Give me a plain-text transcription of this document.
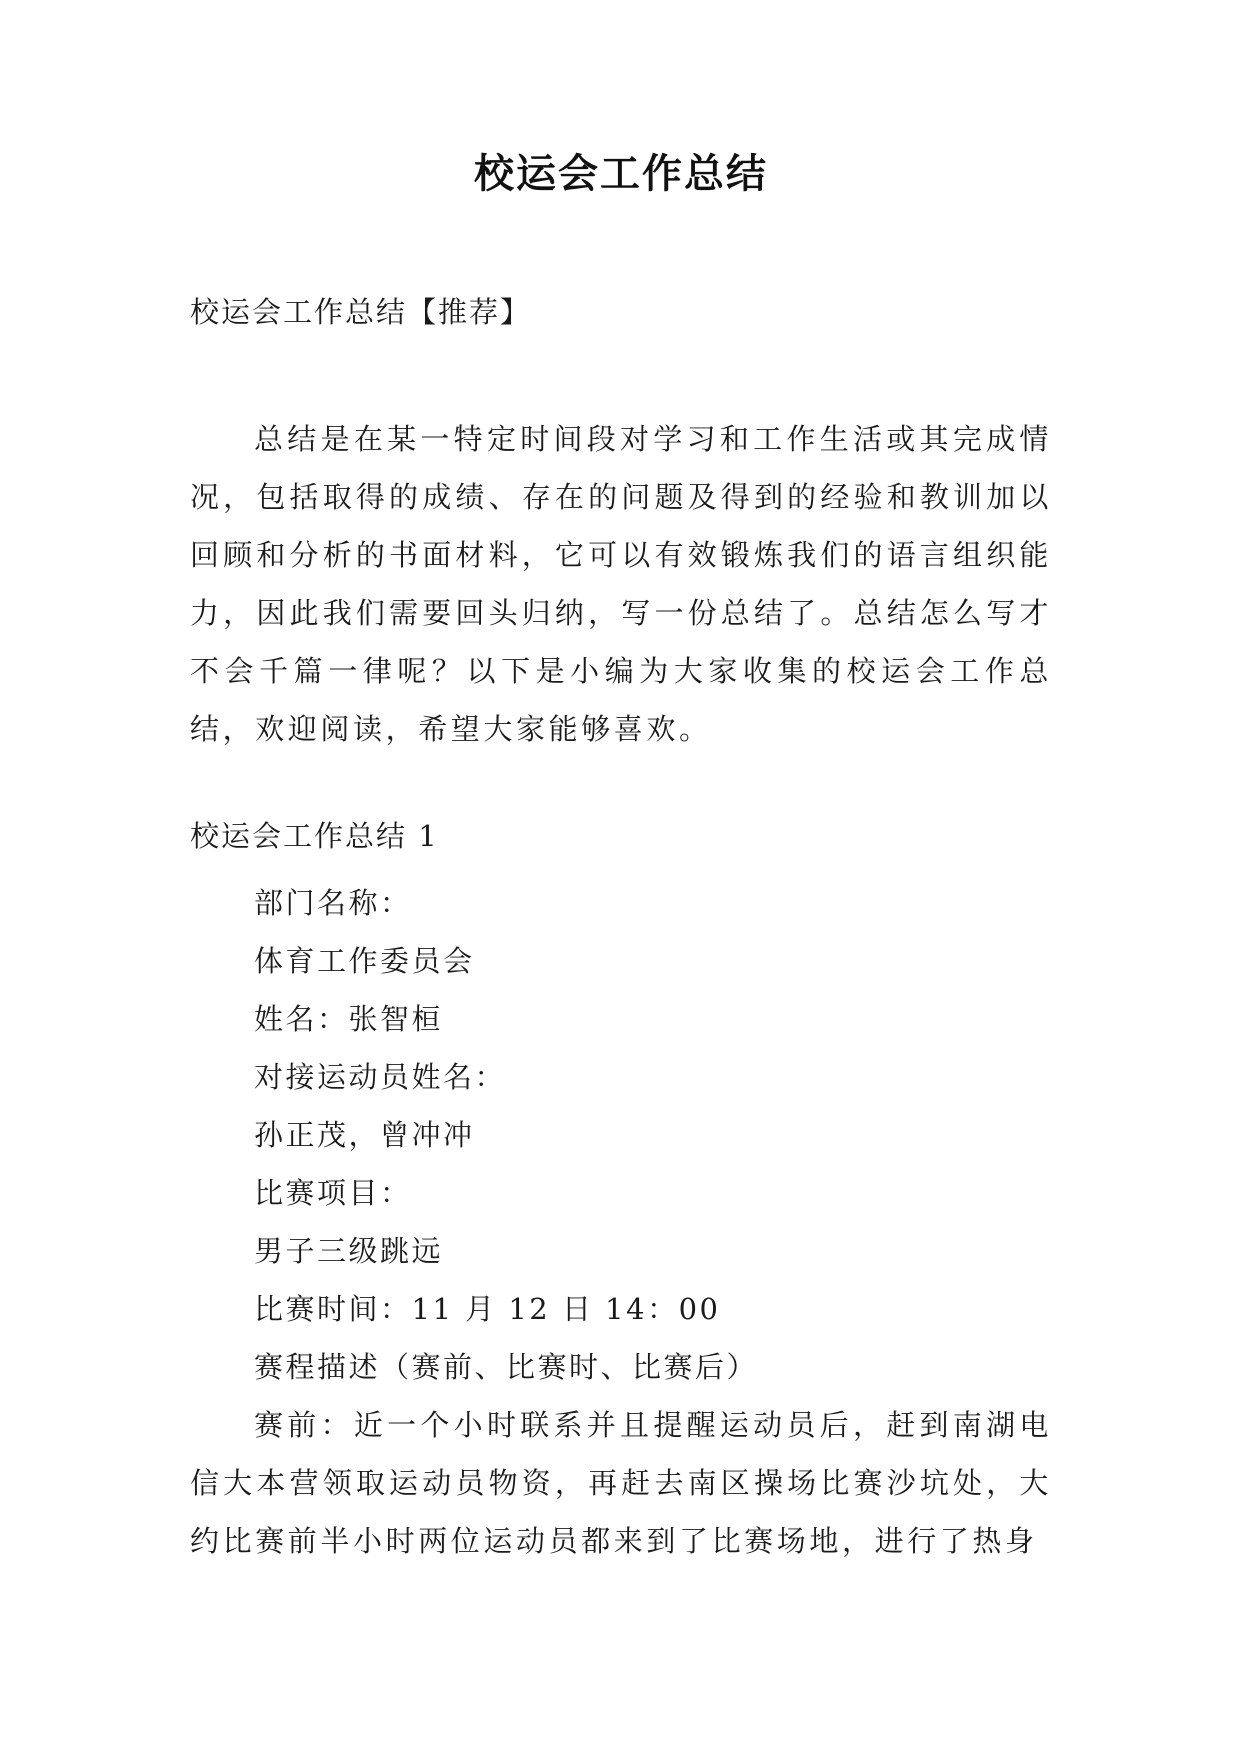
校运会工作总结
校运会工作总结【推荐】

总结是在某一特定时间段对学习和工作生活或其完成情况，包括取得的成绩、存在的问题及得到的经验和教训加以回顾和分析的书面材料，它可以有效锻炼我们的语言组织能力，因此我们需要回头归纳，写一份总结了。总结怎么写才不会千篇一律呢？以下是小编为大家收集的校运会工作总结，欢迎阅读，希望大家能够喜欢。

校运会工作总结 1
部门名称：
体育工作委员会
姓名：张智桓
对接运动员姓名：
孙正茂，曾冲冲
比赛项目：
男子三级跳远
比赛时间：11 月 12 日 14：00
赛程描述（赛前、比赛时、比赛后）

赛前：近一个小时联系并且提醒运动员后，赶到南湖电信大本营领取运动员物资，再赶去南区操场比赛沙坑处，大约比赛前半小时两位运动员都来到了比赛场地，进行了热身
